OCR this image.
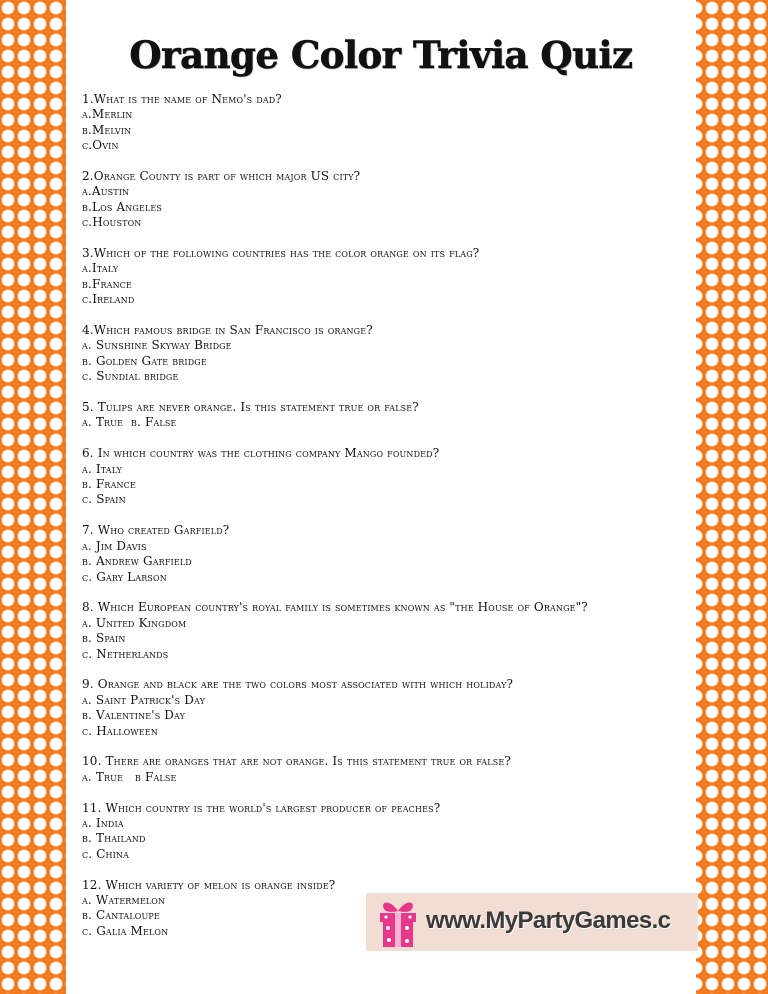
Orange Color Trivia Quiz
1.What is the name of Nemo's dad?
a.Merlin
b.Melvin
c.Ovin
2.Orange County is part of which major US city?
a.Austin
b.Los Angeles
c.Houston
3.Which of the following countries has the color orange on its flag?
a.Italy
b.France
c.Ireland
4.Which famous bridge in San Francisco is orange?
a. Sunshine Skyway Bridge
b. Golden Gate bridge
c. Sundial bridge
5. Tulips are never orange. Is this statement true or false?
a. True b. False
6. In which country was the clothing company Mango founded?
a. Italy
b. France
c. Spain
7. Who created Garfield?
a. Jim Davis
b. Andrew Garfield
c. Gary Larson
8. Which European country's royal family is sometimes known as "the House of Orange"?
a. United Kingdom
b. Spain
c. Netherlands
9. Orange and black are the two colors most associated with which holiday?
a. Saint Patrick's Day
b. Valentine's Day
c. Halloween
10. There are oranges that are not orange. Is this statement true or false?
a. True b False
11. Which country is the world's largest producer of peaches?
a. India
b. Thailand
c. China
12. Which variety of melon is orange inside?
a. Watermelon
b. Cantaloupe
c. Galia Melon	www.MyPartyGames.c
